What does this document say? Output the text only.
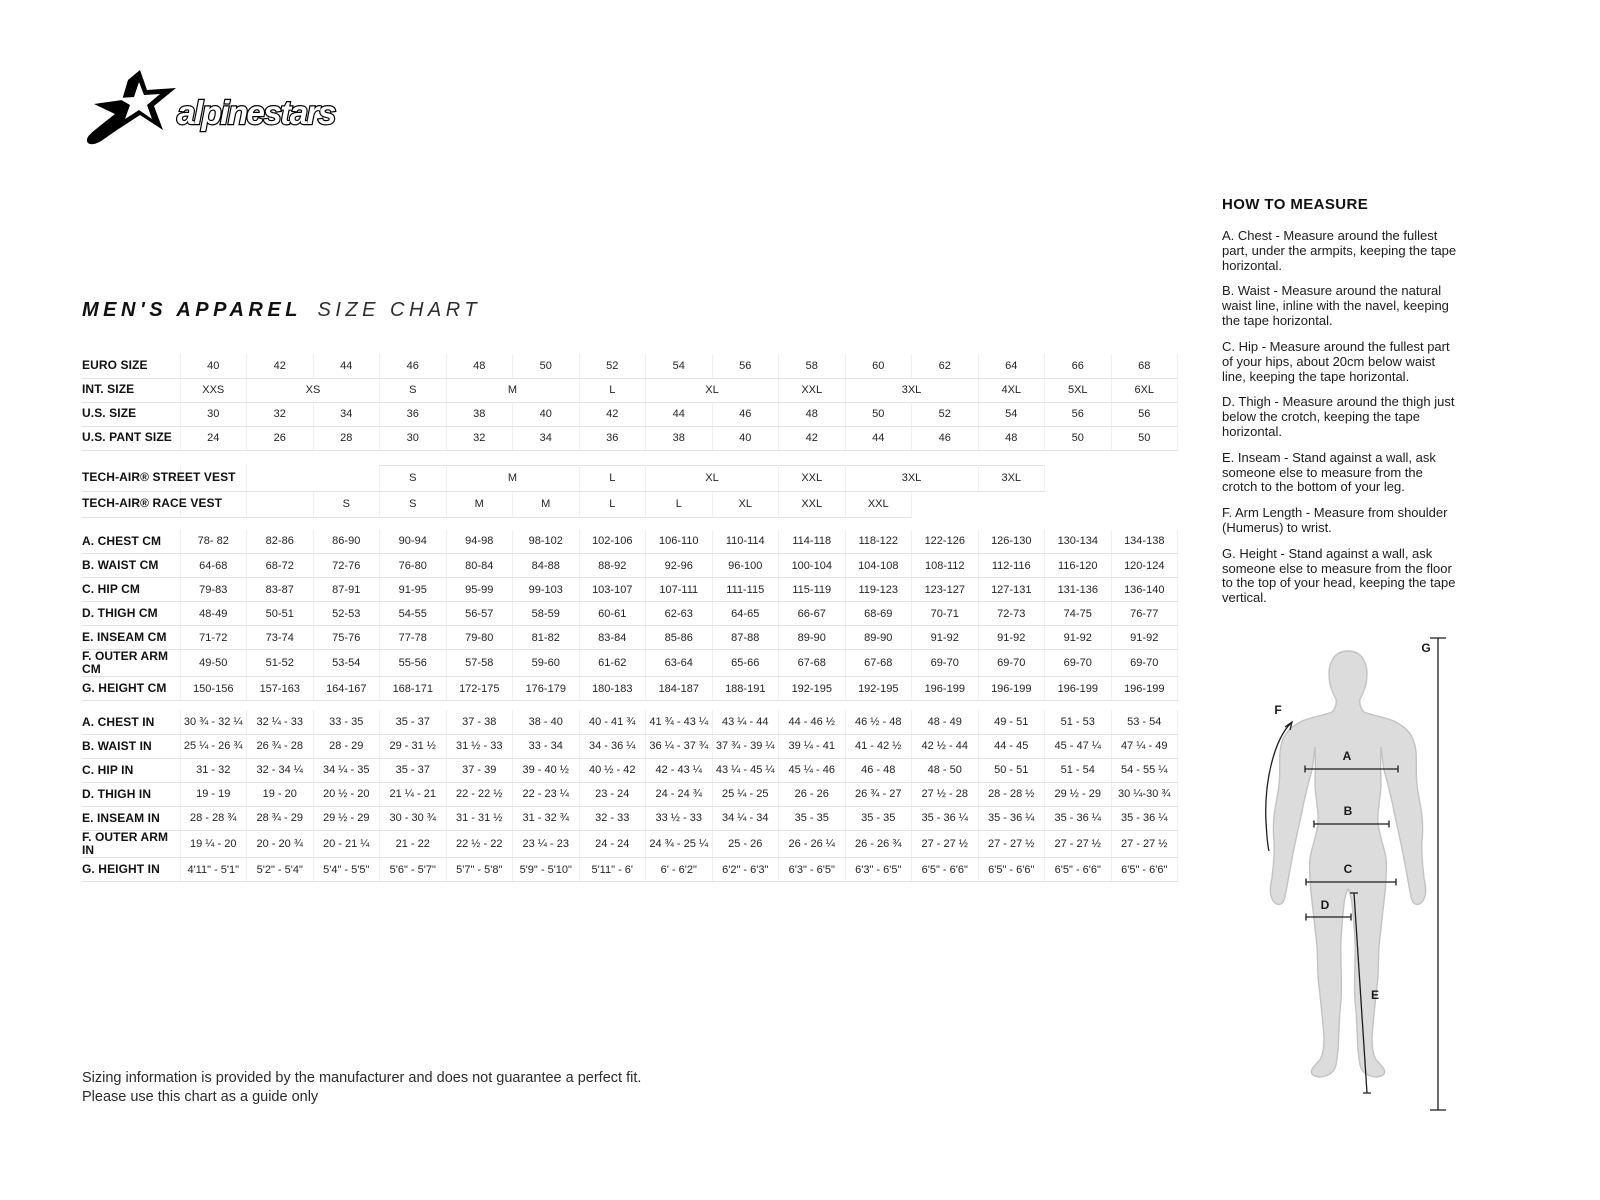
alpinestars
MEN'S APPAREL SIZE CHART
EURO SIZE	40	42	44	46	48	50	52	54	56	58	60	62	64	66	68
INT. SIZE	XXS	XS		S	M		L	XL		XXL	3XL		4XL	5XL	6XL
U.S. SIZE	30	32	34	36	38	40	42	44	46	48	50	52	54	56	56
U.S. PANT SIZE	24	26	28	30	32	34	36	38	40	42	44	46	48	50	50
TECH-AIR® STREET VEST				S	M		L	XL		XXL	3XL		3XL		
TECH-AIR® RACE VEST			S	S	M	M	L	L	XL	XXL	XXL				
A. CHEST CM	78- 82	82-86	86-90	90-94	94-98	98-102	102-106	106-110	110-114	114-118	118-122	122-126	126-130	130-134	134-138
B. WAIST CM	64-68	68-72	72-76	76-80	80-84	84-88	88-92	92-96	96-100	100-104	104-108	108-112	112-116	116-120	120-124
C. HIP CM	79-83	83-87	87-91	91-95	95-99	99-103	103-107	107-111	111-115	115-119	119-123	123-127	127-131	131-136	136-140
D. THIGH CM	48-49	50-51	52-53	54-55	56-57	58-59	60-61	62-63	64-65	66-67	68-69	70-71	72-73	74-75	76-77
E. INSEAM CM	71-72	73-74	75-76	77-78	79-80	81-82	83-84	85-86	87-88	89-90	89-90	91-92	91-92	91-92	91-92
F. OUTER ARM CM	49-50	51-52	53-54	55-56	57-58	59-60	61-62	63-64	65-66	67-68	67-68	69-70	69-70	69-70	69-70
G. HEIGHT CM	150-156	157-163	164-167	168-171	172-175	176-179	180-183	184-187	188-191	192-195	192-195	196-199	196-199	196-199	196-199
A. CHEST IN	30 ¾ - 32 ¼	32 ¼ - 33	33 - 35	35 - 37	37 - 38	38 - 40	40 - 41 ¾	41 ¾ - 43 ¼	43 ¼ - 44	44 - 46 ½	46 ½ - 48	48 - 49	49 - 51	51 - 53	53 - 54
B. WAIST IN	25 ¼ - 26 ¾	26 ¾ - 28	28 - 29	29 - 31 ½	31 ½ - 33	33 - 34	34 - 36 ¼	36 ¼ - 37 ¾	37 ¾ - 39 ¼	39 ¼ - 41	41 - 42 ½	42 ½ - 44	44 - 45	45 - 47 ¼	47 ¼ - 49
C. HIP IN	31 - 32	32 - 34 ¼	34 ¼ - 35	35 - 37	37 - 39	39 - 40 ½	40 ½ - 42	42 - 43 ¼	43 ¼ - 45 ¼	45 ¼ - 46	46 - 48	48 - 50	50 - 51	51 - 54	54 - 55 ¼
D. THIGH IN	19 - 19	19 - 20	20 ½ - 20	21 ¼ - 21	22 - 22 ½	22 - 23 ¼	23 - 24	24 - 24 ¾	25 ¼ - 25	26 - 26	26 ¾ - 27	27 ½ - 28	28 - 28 ½	29 ½ - 29	30 ¼-30 ¾
E. INSEAM IN	28 - 28 ¾	28 ¾ - 29	29 ½ - 29	30 - 30 ¾	31 - 31 ½	31 - 32 ¾	32 - 33	33 ½ - 33	34 ¼ - 34	35 - 35	35 - 35	35 - 36 ¼	35 - 36 ¼	35 - 36 ¼	35 - 36 ¼
F. OUTER ARM IN	19 ¼ - 20	20 - 20 ¾	20 - 21 ¼	21 - 22	22 ½ - 22	23 ¼ - 23	24 - 24	24 ¾ - 25 ¼	25 - 26	26 - 26 ¼	26 - 26 ¾	27 - 27 ½	27 - 27 ½	27 - 27 ½	27 - 27 ½
G. HEIGHT IN	4'11" - 5'1"	5'2" - 5'4"	5'4" - 5'5"	5'6" - 5'7"	5'7" - 5'8"	5'9" - 5'10"	5'11" - 6'	6' - 6'2"	6'2" - 6'3"	6'3" - 6'5"	6'3" - 6'5"	6'5" - 6'6"	6'5" - 6'6"	6'5" - 6'6"	6'5" - 6'6"
HOW TO MEASURE

A. Chest - Measure around the fullest part, under the armpits, keeping the tape horizontal.

B. Waist - Measure around the natural waist line, inline with the navel, keeping the tape horizontal.

C. Hip - Measure around the fullest part of your hips, about 20cm below waist line, keeping the tape horizontal.

D. Thigh - Measure around the thigh just below the crotch, keeping the tape horizontal.

E. Inseam - Stand against a wall, ask someone else to measure from the crotch to the bottom of your leg.

F. Arm Length - Measure from shoulder (Humerus) to wrist.

G. Height - Stand against a wall, ask someone else to measure from the floor to the top of your head, keeping the tape vertical.

A
B
C
D
E
F
G
Sizing information is provided by the manufacturer and does not guarantee a perfect fit.
Please use this chart as a guide only
